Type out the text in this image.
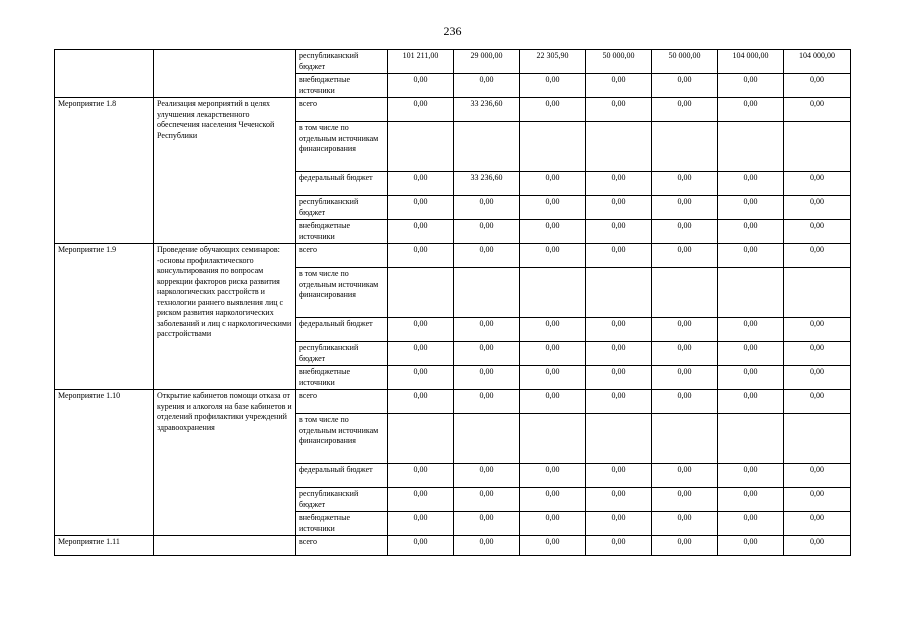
236
		республиканский бюджет	101 211,00	29 000,00	22 305,90	50 000,00	50 000,00	104 000,00	104 000,00
		внебюджетные источники	0,00	0,00	0,00	0,00	0,00	0,00	0,00
Мероприятие 1.8	Реализация мероприятий в целях улучшения лекарственного обеспечения населения Чеченской Республики	всего	0,00	33 236,60	0,00	0,00	0,00	0,00	0,00
		в том числе по отдельным источникам финансирования							
		федеральный бюджет	0,00	33 236,60	0,00	0,00	0,00	0,00	0,00
		республиканский бюджет	0,00	0,00	0,00	0,00	0,00	0,00	0,00
		внебюджетные источники	0,00	0,00	0,00	0,00	0,00	0,00	0,00
Мероприятие 1.9	Проведение обучающих семинаров: -основы профилактического консультирования по вопросам коррекции факторов риска развития наркологических расстройств и технологии раннего выявления лиц с риском развития наркологических заболеваний и лиц с наркологическими расстройствами	всего	0,00	0,00	0,00	0,00	0,00	0,00	0,00
		в том числе по отдельным источникам финансирования							
		федеральный бюджет	0,00	0,00	0,00	0,00	0,00	0,00	0,00
		республиканский бюджет	0,00	0,00	0,00	0,00	0,00	0,00	0,00
		внебюджетные источники	0,00	0,00	0,00	0,00	0,00	0,00	0,00
Мероприятие 1.10	Открытие кабинетов помощи отказа от курения и алкоголя на базе кабинетов и отделений профилактики учреждений здравоохранения	всего	0,00	0,00	0,00	0,00	0,00	0,00	0,00
		в том числе по отдельным источникам финансирования							
		федеральный бюджет	0,00	0,00	0,00	0,00	0,00	0,00	0,00
		республиканский бюджет	0,00	0,00	0,00	0,00	0,00	0,00	0,00
		внебюджетные источники	0,00	0,00	0,00	0,00	0,00	0,00	0,00
Мероприятие 1.11		всего	0,00	0,00	0,00	0,00	0,00	0,00	0,00
